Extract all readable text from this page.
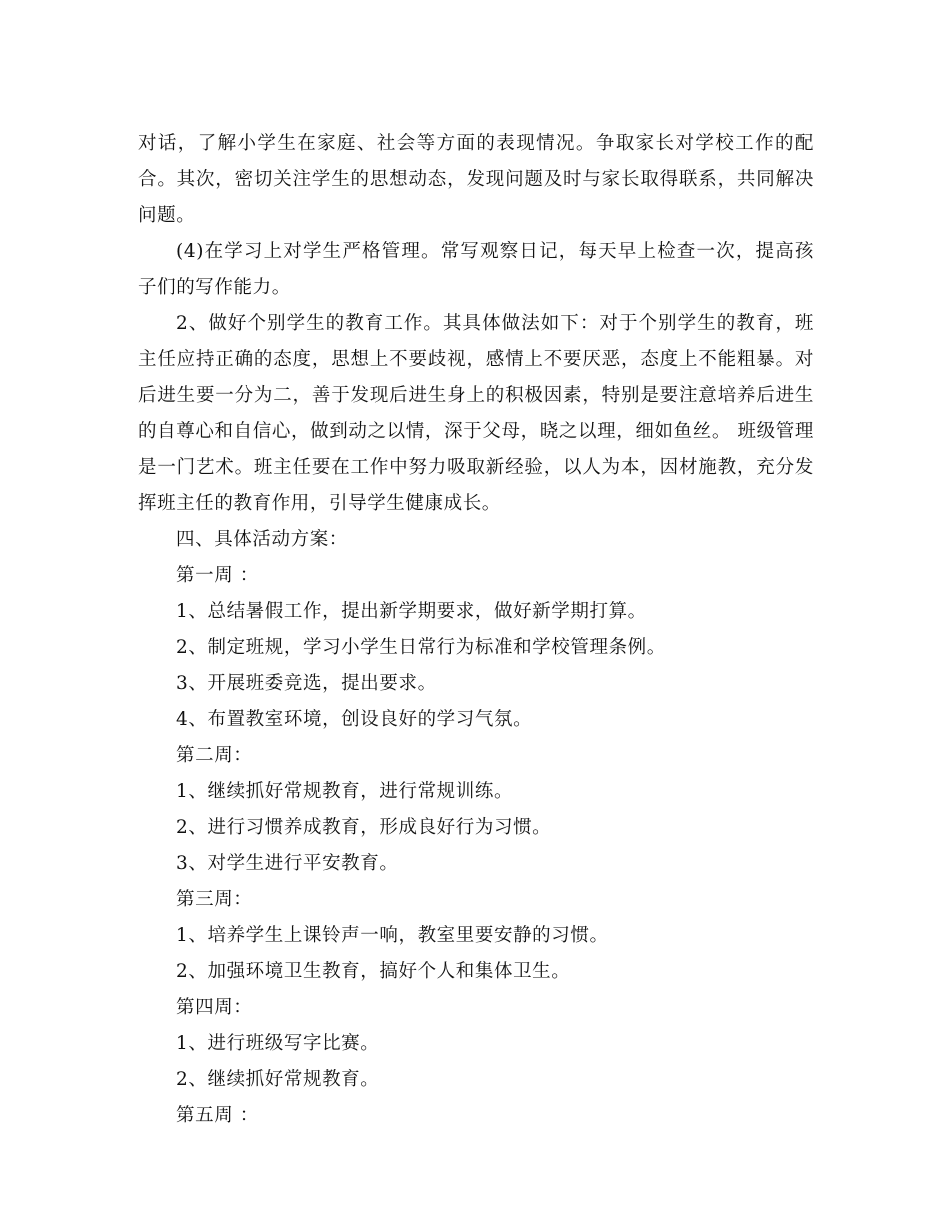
对话，了解小学生在家庭、社会等方面的表现情况。争取家长对学校工作的配合。其次，密切关注学生的思想动态，发现问题及时与家长取得联系，共同解决问题。

(4)在学习上对学生严格管理。常写观察日记，每天早上检查一次，提高孩子们的写作能力。

2、做好个别学生的教育工作。其具体做法如下：对于个别学生的教育，班主任应持正确的态度，思想上不要歧视，感情上不要厌恶，态度上不能粗暴。对后进生要一分为二，善于发现后进生身上的积极因素，特别是要注意培养后进生的自尊心和自信心，做到动之以情，深于父母，晓之以理，细如鱼丝。 班级管理是一门艺术。班主任要在工作中努力吸取新经验，以人为本，因材施教，充分发挥班主任的教育作用，引导学生健康成长。

四、具体活动方案：

第一周 ：

1、总结暑假工作，提出新学期要求，做好新学期打算。

2、制定班规，学习小学生日常行为标准和学校管理条例。

3、开展班委竞选，提出要求。

4、布置教室环境，创设良好的学习气氛。

第二周：

1、继续抓好常规教育，进行常规训练。

2、进行习惯养成教育，形成良好行为习惯。

3、对学生进行平安教育。

第三周：

1、培养学生上课铃声一响，教室里要安静的习惯。

2、加强环境卫生教育，搞好个人和集体卫生。

第四周：

1、进行班级写字比赛。

2、继续抓好常规教育。

第五周 ：
